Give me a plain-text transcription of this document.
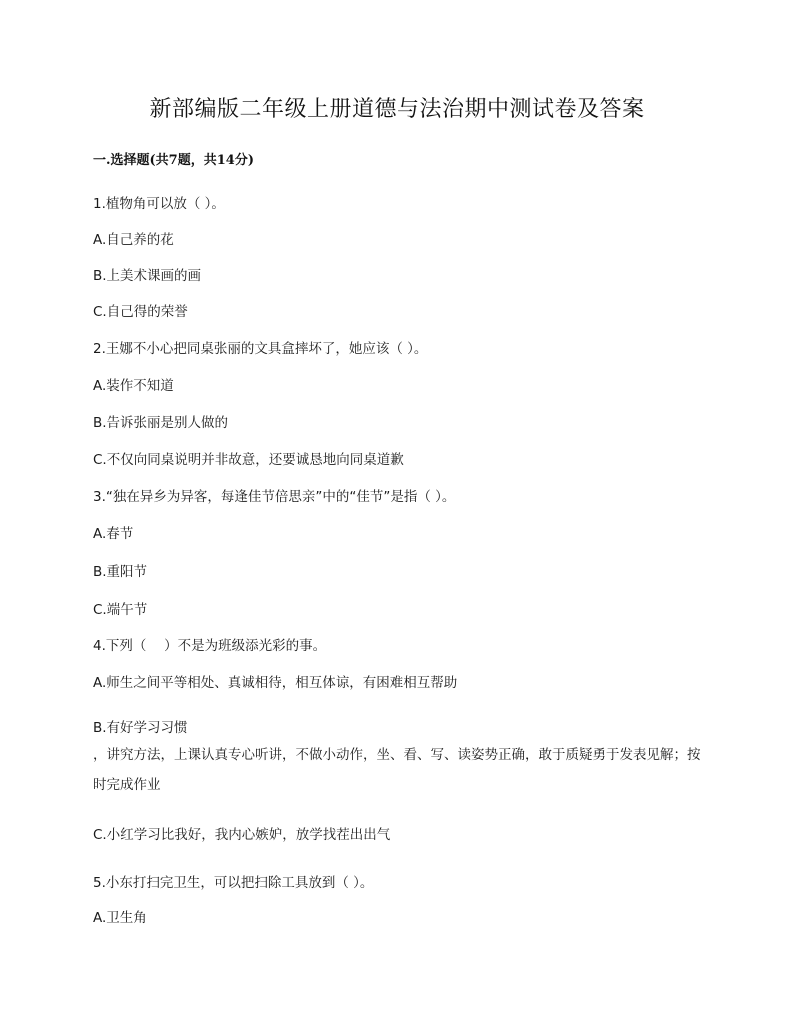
新部编版二年级上册道德与法治期中测试卷及答案
一.选择题(共7题，共14分)
1.植物角可以放（ ）。
A.自己养的花
B.上美术课画的画
C.自己得的荣誉
2.王娜不小心把同桌张丽的文具盒摔坏了，她应该（ ）。
A.装作不知道
B.告诉张丽是别人做的
C.不仅向同桌说明并非故意，还要诚恳地向同桌道歉
3.“独在异乡为异客，每逢佳节倍思亲”中的“佳节”是指（ ）。
A.春节
B.重阳节
C.端午节
4.下列（　 ）不是为班级添光彩的事。
A.师生之间平等相处、真诚相待，相互体谅，有困难相互帮助
B.有好学习习惯
，讲究方法，上课认真专心听讲，不做小动作，坐、看、写、读姿势正确，敢于质疑勇于发表见解；按时完成作业
C.小红学习比我好，我内心嫉妒，放学找茬出出气
5.小东打扫完卫生，可以把扫除工具放到（ ）。
A.卫生角
